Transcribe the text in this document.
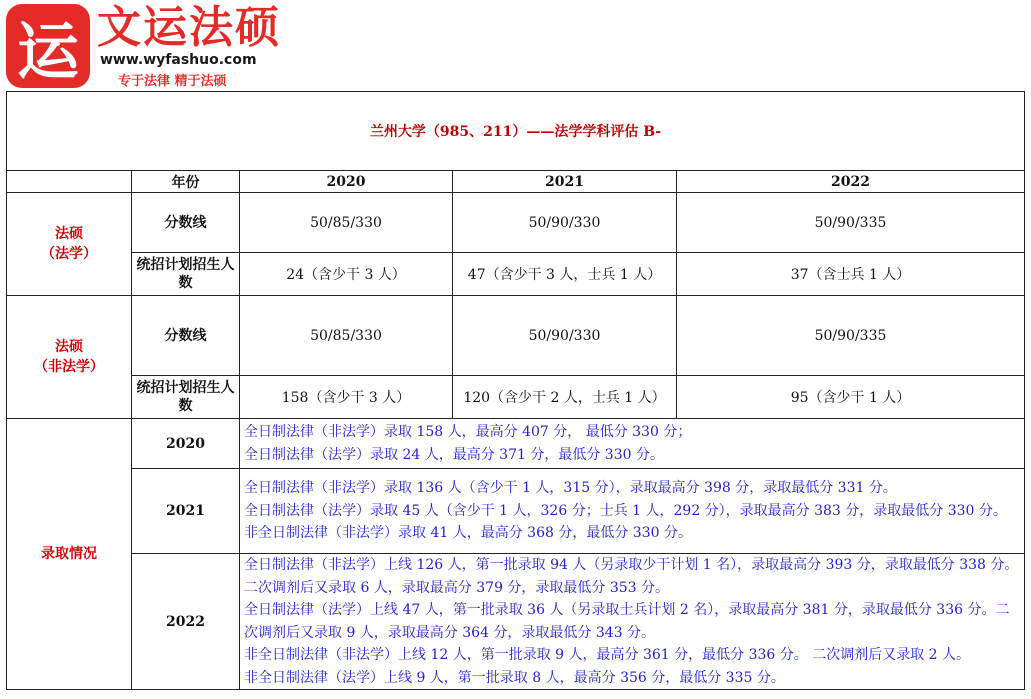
运 文运法硕
www.wyfashuo.com
专于法律 精于法硕
兰州大学（985、211）——法学学科评估 B-				
	年份	2020	2021	2022

法硕
（法学）	分数线	50/85/330	50/90/330	50/90/335
	统招计划招生人数	24（含少干 3 人）	47（含少干 3 人，士兵 1 人）	37（含士兵 1 人）

法硕
（非法学）	分数线	50/85/330	50/90/330	50/90/335
	统招计划招生人数	158（含少干 3 人）	120（含少干 2 人，士兵 1 人）	95（含少干 1 人）
录取情况	2020	全日制法律（非法学）录取 158 人，最高分 407 分， 最低分 330 分；
全日制法律（法学）录取 24 人，最高分 371 分，最低分 330 分。		

	2021	全日制法律（非法学）录取 136 人（含少干 1 人，315 分），录取最高分 398 分，录取最低分 331 分。
全日制法律（法学）录取 45 人（含少干 1 人，326 分；士兵 1 人，292 分），录取最高分 383 分，录取最低分 330 分。
非全日制法律（非法学）录取 41 人，最高分 368 分，最低分 330 分。		

	2022	全日制法律（非法学）上线 126 人，第一批录取 94 人（另录取少干计划 1 名），录取最高分 393 分，录取最低分 338 分。二次调剂后又录取 6 人，录取最高分 379 分，录取最低分 353 分。
全日制法律（法学）上线 47 人，第一批录取 36 人（另录取士兵计划 2 名），录取最高分 381 分，录取最低分 336 分。二次调剂后又录取 9 人，录取最高分 364 分，录取最低分 343 分。
非全日制法律（非法学）上线 12 人，第一批录取 9 人，最高分 361 分，最低分 336 分。 二次调剂后又录取 2 人。
非全日制法律（法学）上线 9 人，第一批录取 8 人，最高分 356 分，最低分 335 分。		
